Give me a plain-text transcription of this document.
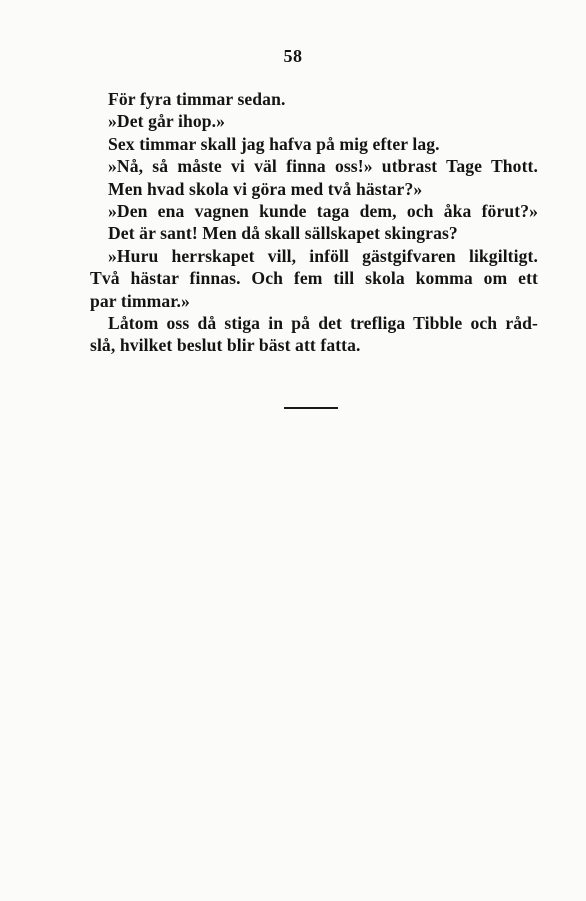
58
För fyra timmar sedan.
»Det går ihop.»
Sex timmar skall jag hafva på mig efter lag.
»Nå, så måste vi väl finna oss!» utbrast Tage Thott.
Men hvad skola vi göra med två hästar?»
»Den ena vagnen kunde taga dem, och åka förut?»
Det är sant! Men då skall sällskapet skingras?
»Huru herrskapet vill, inföll gästgifvaren likgiltigt.
Två hästar finnas. Och fem till skola komma om ett
par timmar.»
Låtom oss då stiga in på det trefliga Tibble och råd-
slå, hvilket beslut blir bäst att fatta.
